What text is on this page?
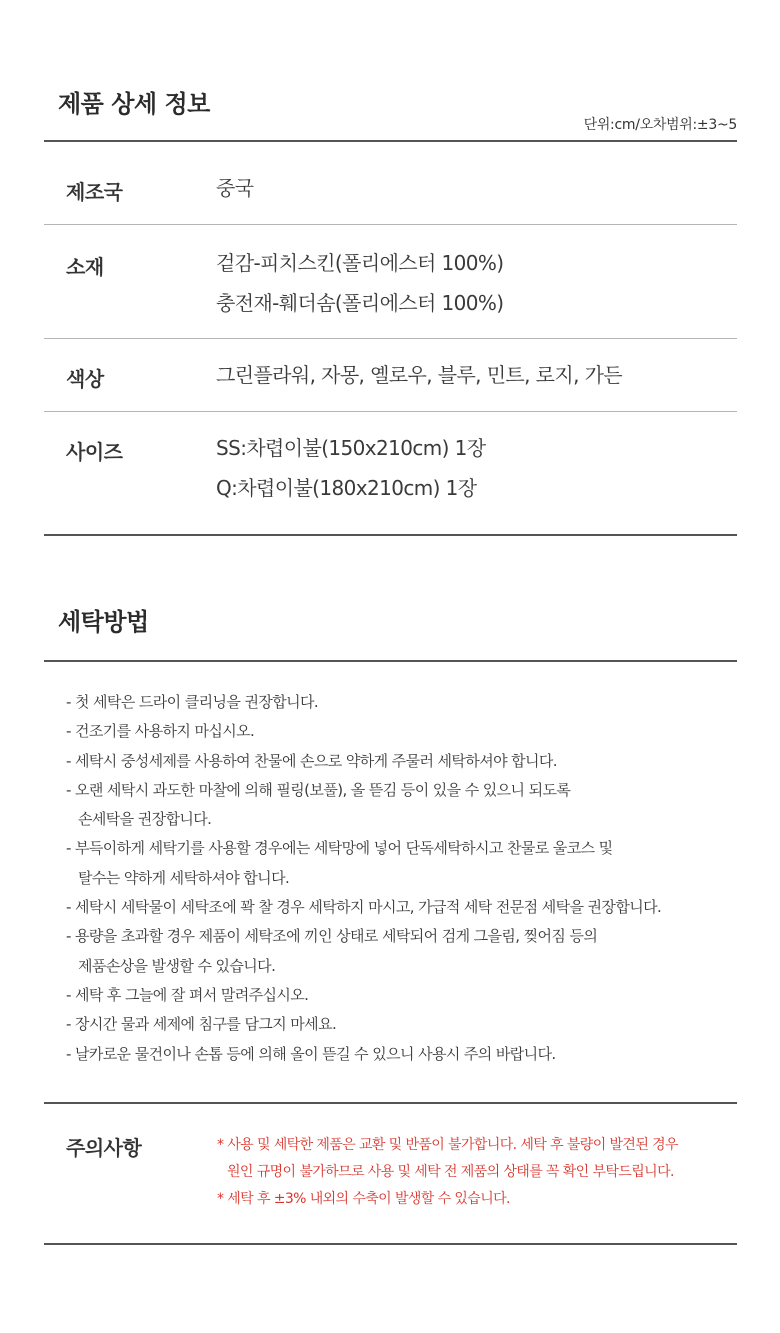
제품 상세 정보
단위:cm/오차범위:±3~5
제조국	중국
소재	겉감-피치스킨(폴리에스터 100%)
충전재-훼더솜(폴리에스터 100%)
색상	그린플라워, 자몽, 옐로우, 블루, 민트, 로지, 가든
사이즈	SS:차렵이불(150x210cm) 1장
Q:차렵이불(180x210cm) 1장
세탁방법
- 첫 세탁은 드라이 클리닝을 권장합니다.
- 건조기를 사용하지 마십시오.
- 세탁시 중성세제를 사용하여 찬물에 손으로 약하게 주물러 세탁하셔야 합니다.
- 오랜 세탁시 과도한 마찰에 의해 필링(보풀), 올 뜯김 등이 있을 수 있으니 되도록
손세탁을 권장합니다.
- 부득이하게 세탁기를 사용할 경우에는 세탁망에 넣어 단독세탁하시고 찬물로 울코스 및
탈수는 약하게 세탁하셔야 합니다.
- 세탁시 세탁물이 세탁조에 꽉 찰 경우 세탁하지 마시고, 가급적 세탁 전문점 세탁을 권장합니다.
- 용량을 초과할 경우 제품이 세탁조에 끼인 상태로 세탁되어 검게 그을림, 찢어짐 등의
제품손상을 발생할 수 있습니다.
- 세탁 후 그늘에 잘 펴서 말려주십시오.
- 장시간 물과 세제에 침구를 담그지 마세요.
- 날카로운 물건이나 손톱 등에 의해 올이 뜯길 수 있으니 사용시 주의 바랍니다.
주의사항	* 사용 및 세탁한 제품은 교환 및 반품이 불가합니다. 세탁 후 불량이 발견된 경우
원인 규명이 불가하므로 사용 및 세탁 전 제품의 상태를 꼭 확인 부탁드립니다.
* 세탁 후 ±3% 내외의 수축이 발생할 수 있습니다.
